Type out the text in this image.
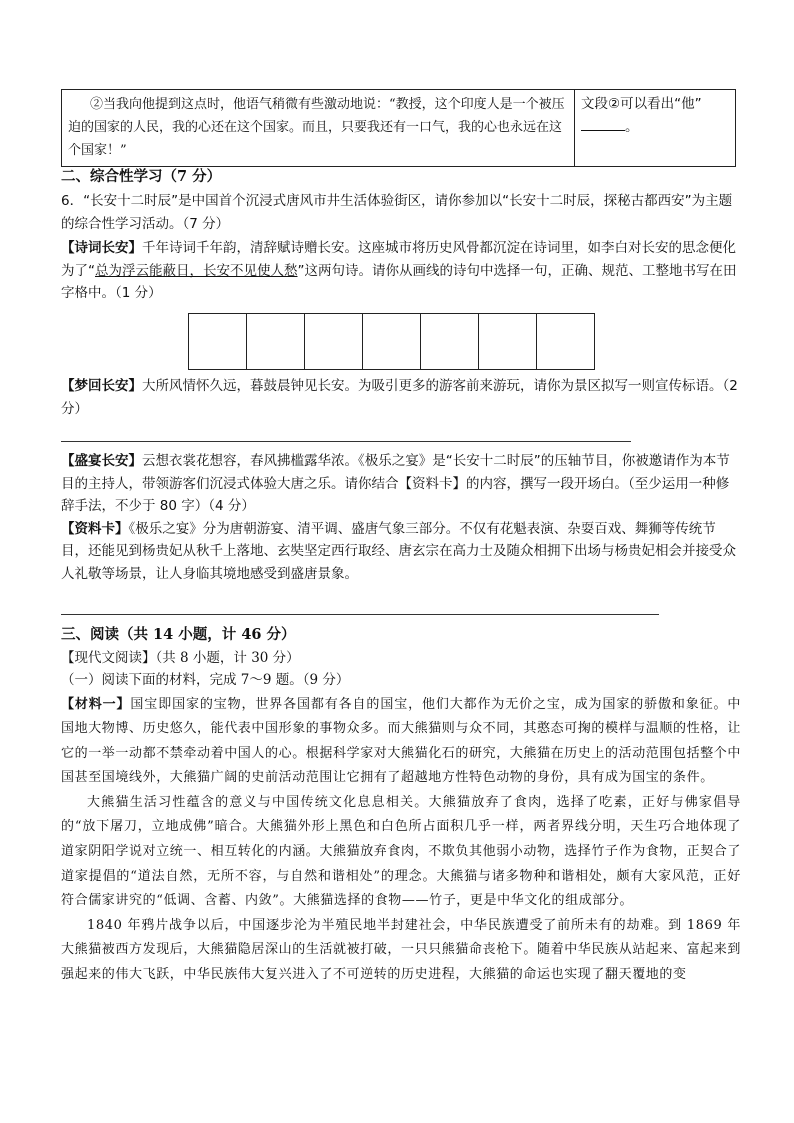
②当我向他提到这点时，他语气稍微有些激动地说：“教授，这个印度人是一个被压迫的国家的人民，我的心还在这个国家。而且，只要我还有一口气，我的心也永远在这个国家！”	文段②可以看出“他”
。
二、综合性学习（7 分）
6．“长安十二时辰”是中国首个沉浸式唐风市井生活体验街区，请你参加以“长安十二时辰，探秘古都西安”为主题的综合性学习活动。（7 分）
【诗词长安】千年诗词千年韵，清辞赋诗赠长安。这座城市将历史风骨都沉淀在诗词里，如李白对长安的思念便化为了“总为浮云能蔽日，长安不见使人愁”这两句诗。请你从画线的诗句中选择一句，正确、规范、工整地书写在田字格中。（1 分）
【梦回长安】大所风情怀久远，暮鼓晨钟见长安。为吸引更多的游客前来游玩，请你为景区拟写一则宣传标语。（2 分）
【盛宴长安】云想衣裳花想容，春风拂槛露华浓。《极乐之宴》是“长安十二时辰”的压轴节目，你被邀请作为本节目的主持人，带领游客们沉浸式体验大唐之乐。请你结合【资料卡】的内容，撰写一段开场白。（至少运用一种修辞手法，不少于 80 字）（4 分）
【资料卡】《极乐之宴》分为唐朝游宴、清平调、盛唐气象三部分。不仅有花魁表演、杂耍百戏、舞狮等传统节目，还能见到杨贵妃从秋千上落地、玄奘坚定西行取经、唐玄宗在高力士及随众相拥下出场与杨贵妃相会并接受众人礼敬等场景，让人身临其境地感受到盛唐景象。
三、阅读（共 14 小题，计 46 分）
【现代文阅读】（共 8 小题，计 30 分）
（一）阅读下面的材料，完成 7～9 题。（9 分）
【材料一】国宝即国家的宝物，世界各国都有各自的国宝，他们大都作为无价之宝，成为国家的骄傲和象征。中国地大物博、历史悠久，能代表中国形象的事物众多。而大熊猫则与众不同，其憨态可掬的模样与温顺的性格，让它的一举一动都不禁牵动着中国人的心。根据科学家对大熊猫化石的研究，大熊猫在历史上的活动范围包括整个中国甚至国境线外，大熊猫广阔的史前活动范围让它拥有了超越地方性特色动物的身份，具有成为国宝的条件。
大熊猫生活习性蕴含的意义与中国传统文化息息相关。大熊猫放弃了食肉，选择了吃素，正好与佛家倡导的“放下屠刀，立地成佛”暗合。大熊猫外形上黑色和白色所占面积几乎一样，两者界线分明，天生巧合地体现了道家阴阳学说对立统一、相互转化的内涵。大熊猫放弃食肉，不欺负其他弱小动物，选择竹子作为食物，正契合了道家提倡的“道法自然，无所不容，与自然和谐相处”的理念。大熊猫与诸多物种和谐相处，颇有大家风范，正好符合儒家讲究的“低调、含蓄、内敛”。大熊猫选择的食物——竹子，更是中华文化的组成部分。
1840 年鸦片战争以后，中国逐步沦为半殖民地半封建社会，中华民族遭受了前所未有的劫难。到 1869 年大熊猫被西方发现后，大熊猫隐居深山的生活就被打破，一只只熊猫命丧枪下。随着中华民族从站起来、富起来到强起来的伟大飞跃，中华民族伟大复兴进入了不可逆转的历史进程，大熊猫的命运也实现了翻天覆地的变
